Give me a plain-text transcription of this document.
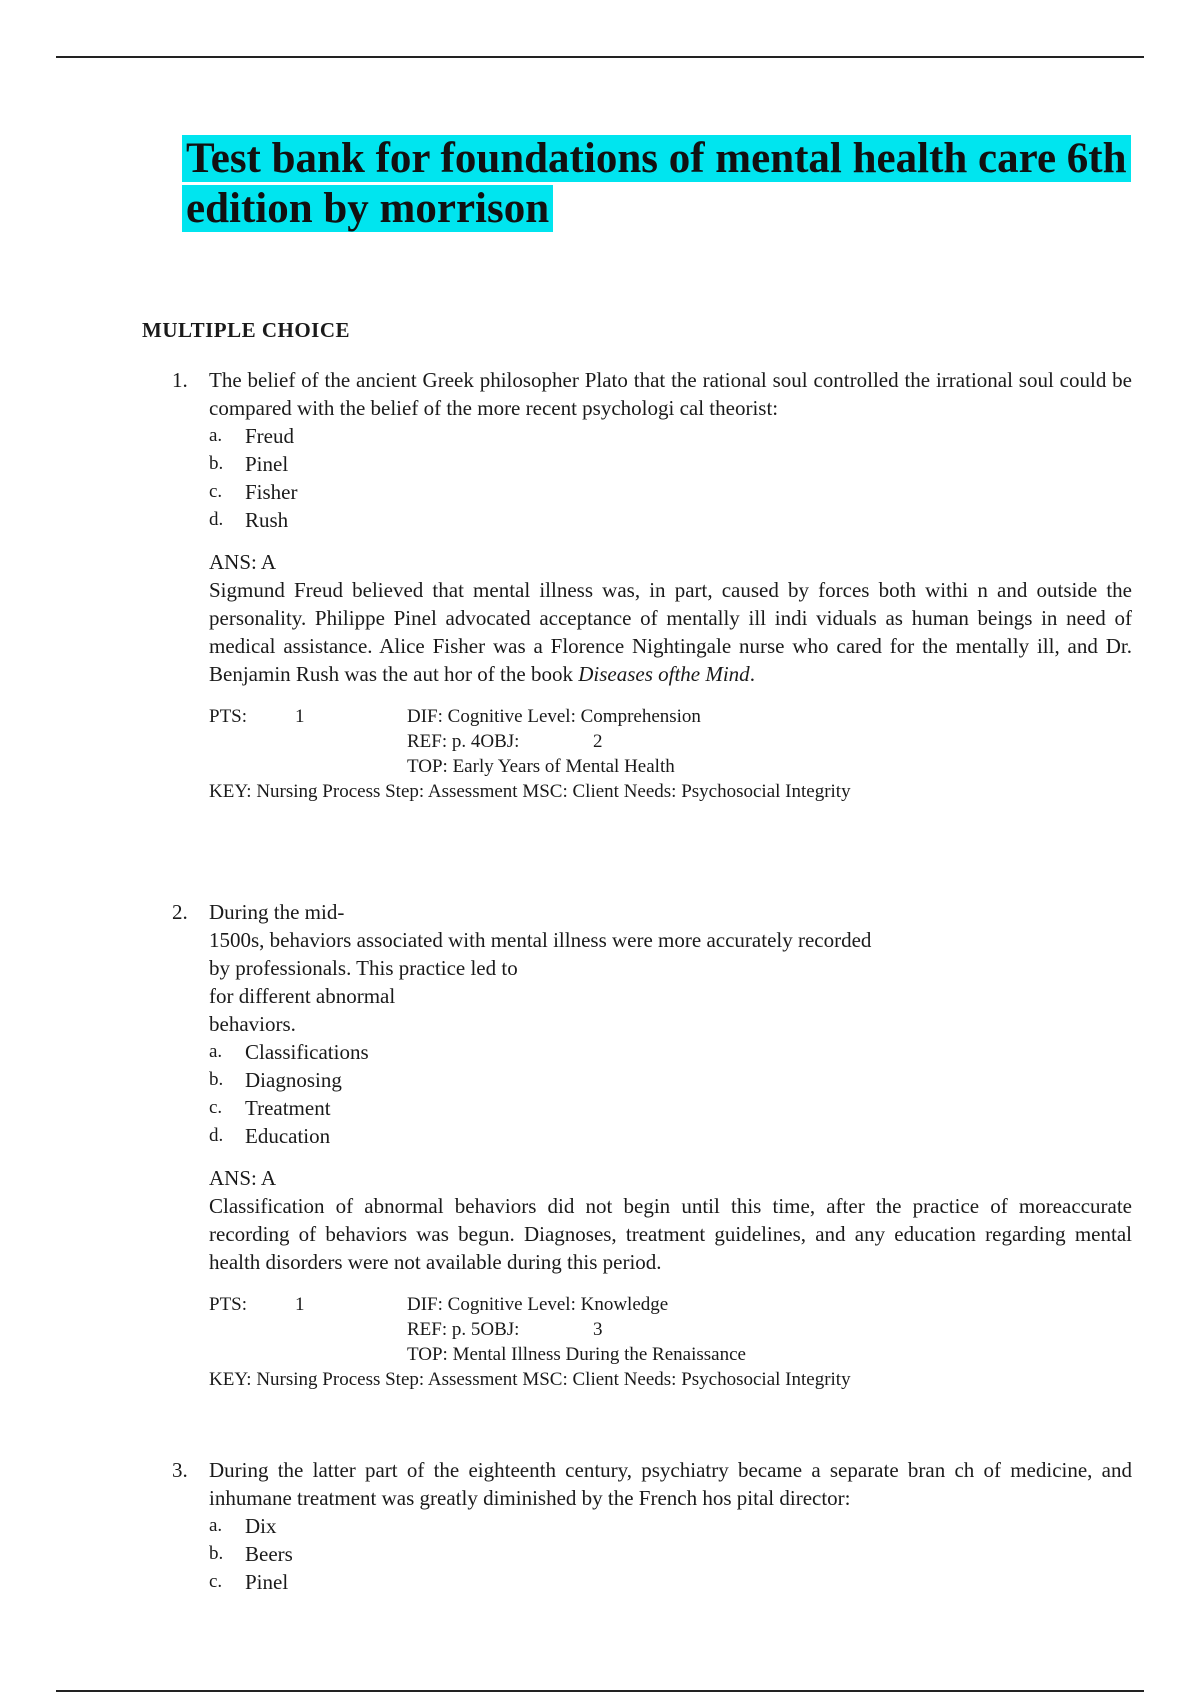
Test bank for foundations of mental health care 6th edition by morrison
MULTIPLE CHOICE
1.	The belief of the ancient Greek philosopher Plato that the rational soul controlled the irrational soul could be compared with the belief of the more recent psychologi cal theorist:
a.	Freud
b.	Pinel
c.	Fisher
d.	Rush
ANS: A
Sigmund Freud believed that mental illness was, in part, caused by forces both withi n and outside the personality. Philippe Pinel advocated acceptance of mentally ill indi viduals as human beings in need of medical assistance. Alice Fisher was a Florence Nightingale nurse who cared for the mentally ill, and Dr. Benjamin Rush was the aut hor of the book Diseases ofthe Mind.
PTS:	1	DIF: Cognitive Level: Comprehension
REF: p. 4OBJ:	2
TOP: Early Years of Mental Health
KEY: Nursing Process Step: Assessment MSC: Client Needs: Psychosocial Integrity
2.	During the mid-
1500s, behaviors associated with mental illness were more accurately recorded
by professionals. This practice led to
for different abnormal
behaviors.
a.	Classifications
b.	Diagnosing
c.	Treatment
d.	Education
ANS: A
Classification of abnormal behaviors did not begin until this time, after the practice of moreaccurate recording of behaviors was begun. Diagnoses, treatment guidelines, and any education regarding mental health disorders were not available during this period.
PTS:	1	DIF: Cognitive Level: Knowledge
REF: p. 5OBJ:	3
TOP: Mental Illness During the Renaissance
KEY: Nursing Process Step: Assessment MSC: Client Needs: Psychosocial Integrity
3.	During the latter part of the eighteenth century, psychiatry became a separate bran ch of medicine, and inhumane treatment was greatly diminished by the French hos pital director:
a.	Dix
b.	Beers
c.	Pinel
